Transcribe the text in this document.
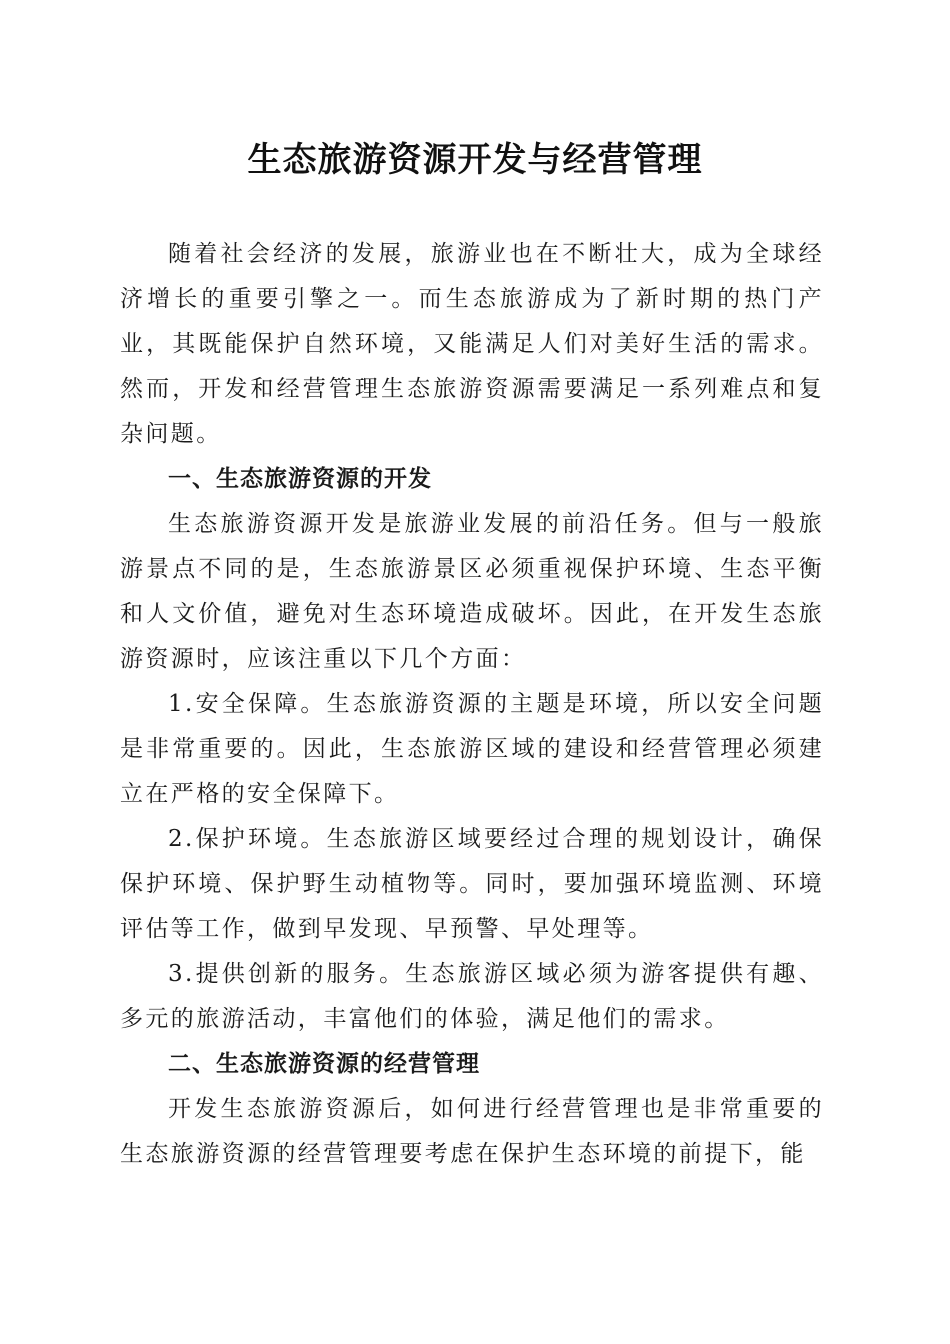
生态旅游资源开发与经营管理

随着社会经济的发展，旅游业也在不断壮大，成为全球经济增长的重要引擎之一。而生态旅游成为了新时期的热门产业，其既能保护自然环境，又能满足人们对美好生活的需求。然而，开发和经营管理生态旅游资源需要满足一系列难点和复杂问题。

一、生态旅游资源的开发

生态旅游资源开发是旅游业发展的前沿任务。但与一般旅游景点不同的是，生态旅游景区必须重视保护环境、生态平衡和人文价值，避免对生态环境造成破坏。因此，在开发生态旅游资源时，应该注重以下几个方面：

1.安全保障。生态旅游资源的主题是环境，所以安全问题是非常重要的。因此，生态旅游区域的建设和经营管理必须建立在严格的安全保障下。

2.保护环境。生态旅游区域要经过合理的规划设计，确保保护环境、保护野生动植物等。同时，要加强环境监测、环境评估等工作，做到早发现、早预警、早处理等。

3.提供创新的服务。生态旅游区域必须为游客提供有趣、多元的旅游活动，丰富他们的体验，满足他们的需求。

二、生态旅游资源的经营管理

开发生态旅游资源后，如何进行经营管理也是非常重要的生态旅游资源的经营管理要考虑在保护生态环境的前提下，能
